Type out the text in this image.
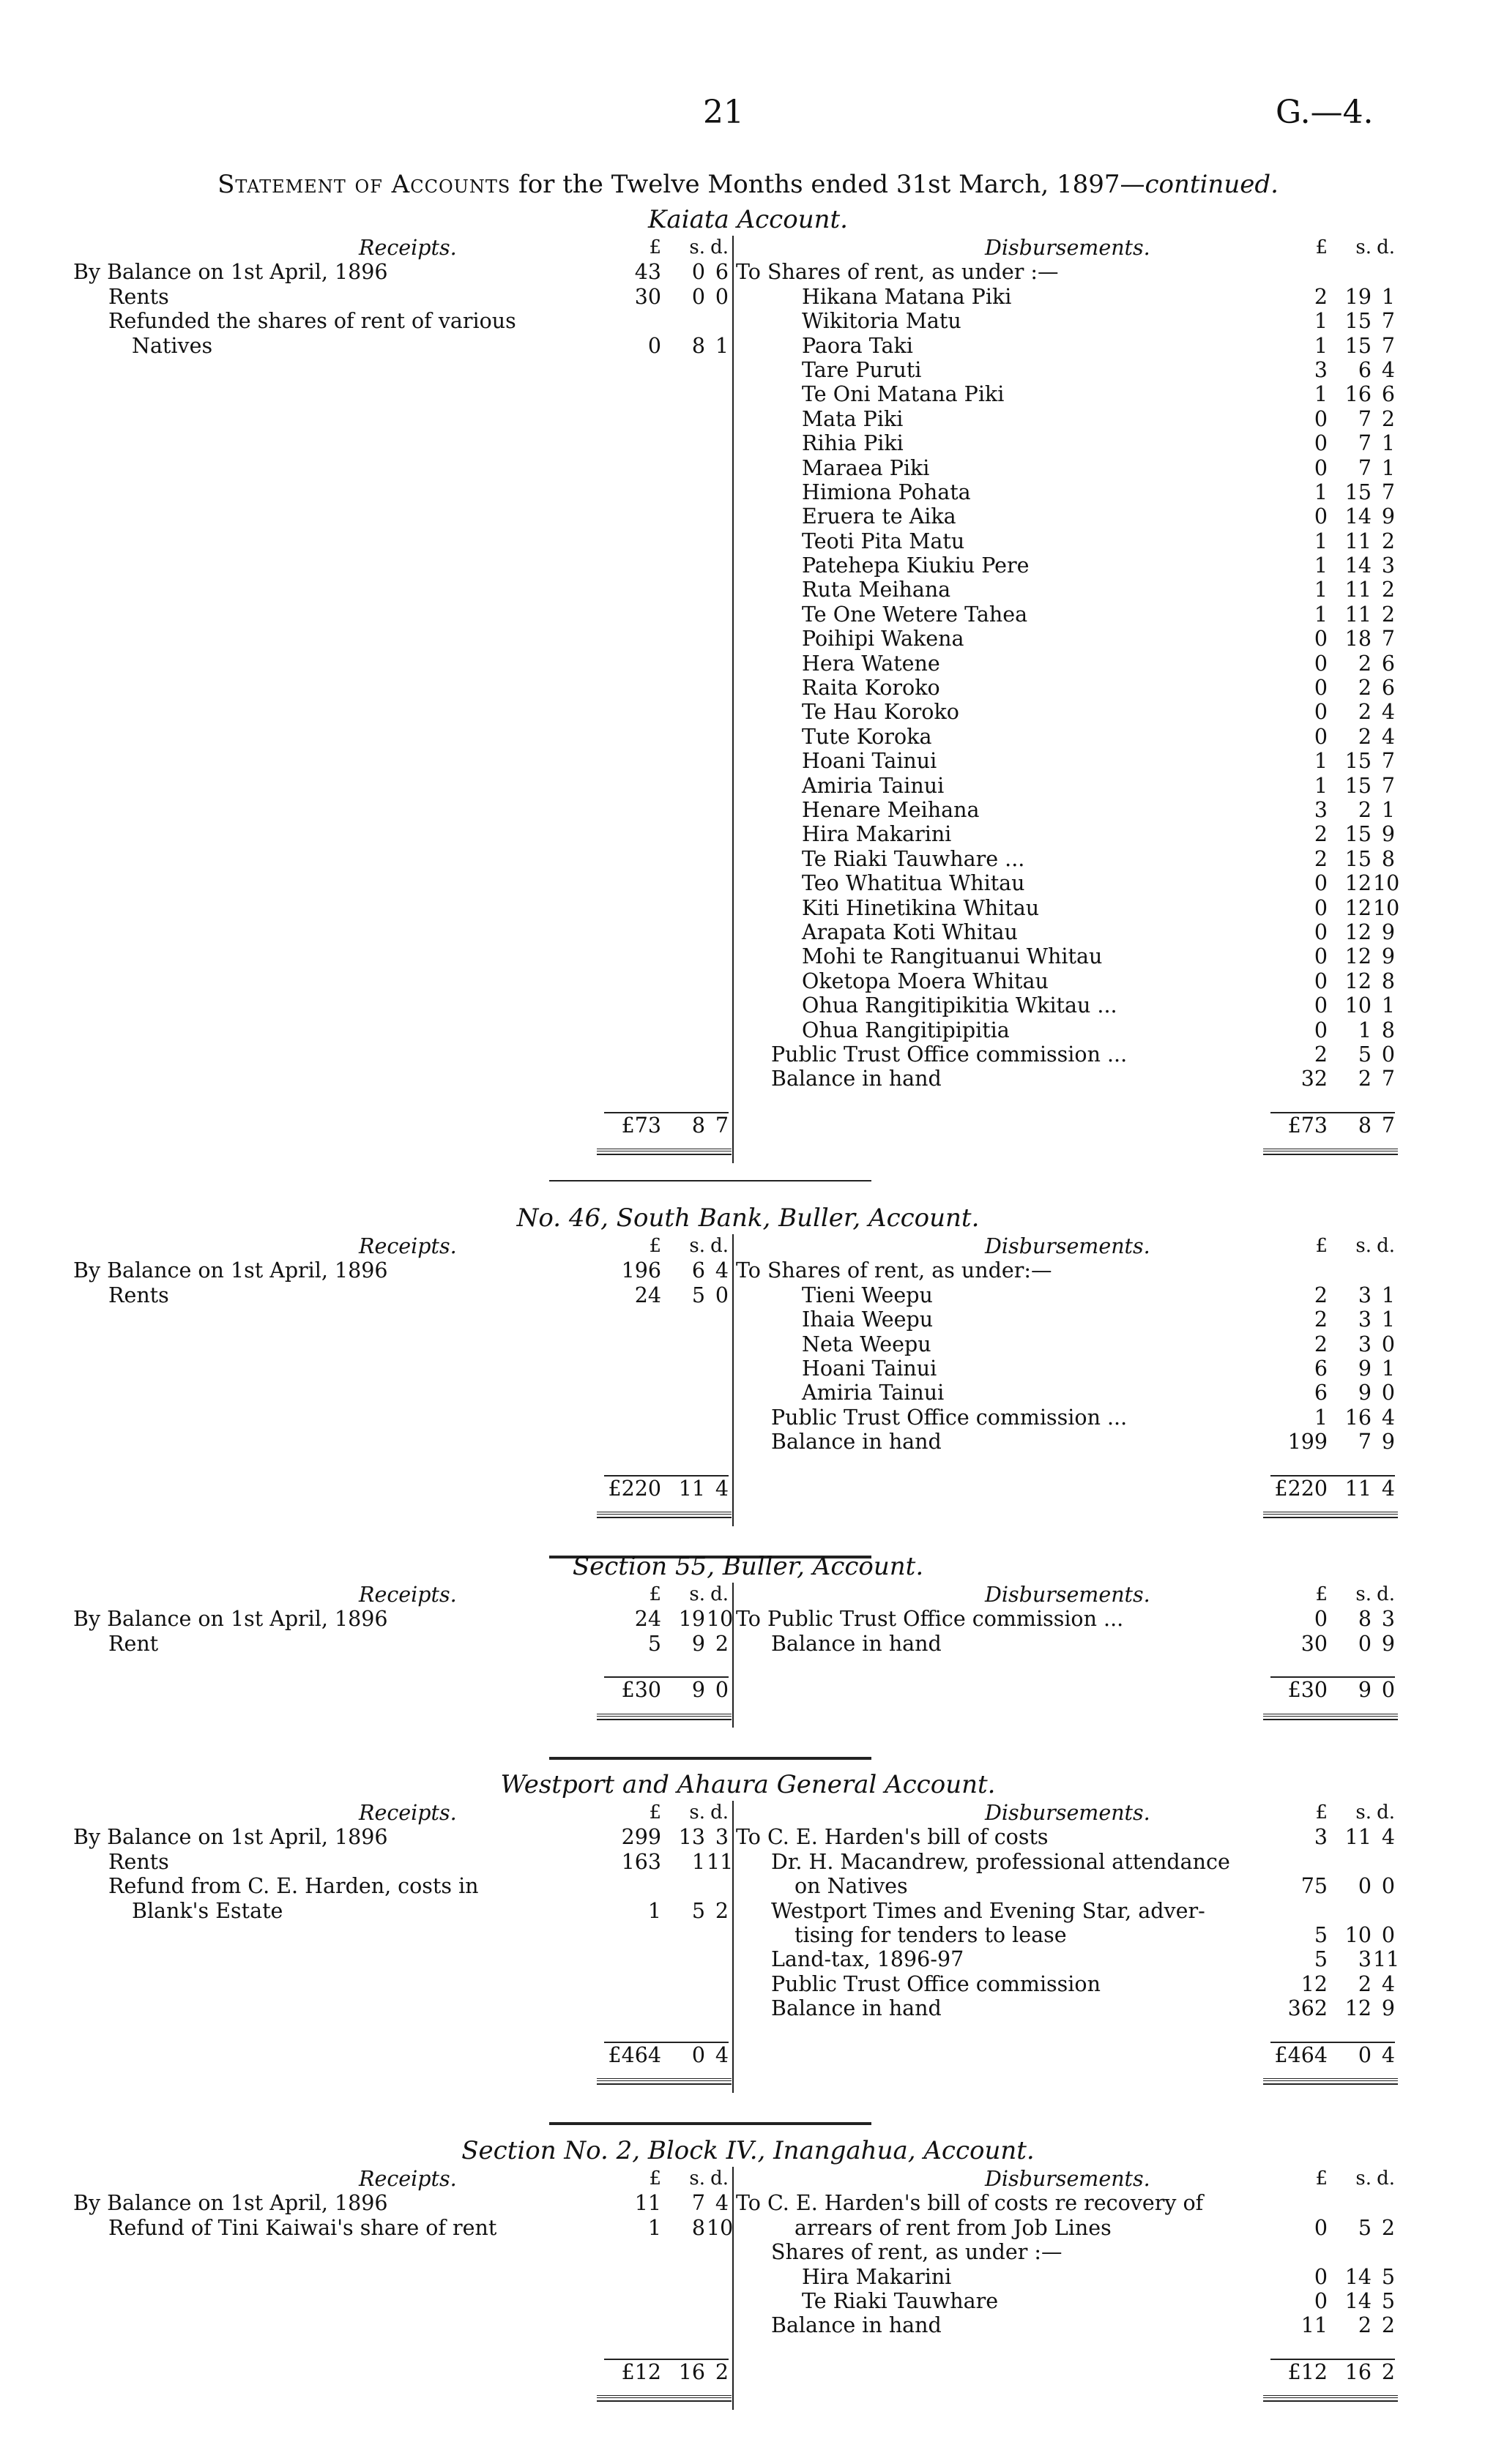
21	G.—4.
Statement of Accounts for the Twelve Months ended 31st March, 1897—continued.
Kaiata Account.
Receipts.	£	s. d.
By Balance on 1st April, 1896	43	0 6
Rents	30	0 0
Refunded the shares of rent of various
Natives	0	8 1
Disbursements.	£	s. d.
To Shares of rent, as under :—
Hikana Matana Piki	2 19 1
Wikitoria Matu	1 15 7
Paora Taki	1 15 7
Tare Puruti	3	6 4
Te Oni Matana Piki	1 16 6
Mata Piki	0	7 2
Rihia Piki	0	7 1
Maraea Piki	0	7 1
Himiona Pohata	1 15 7
Eruera te Aika	0 14 9
Teoti Pita Matu	1 11 2
Patehepa Kiukiu Pere	1 14 3
Ruta Meihana	1 11 2
Te One Wetere Tahea	1 11 2
Poihipi Wakena	0 18 7
Hera Watene	0	2 6
Raita Koroko	0	2 6
Te Hau Koroko	0	2 4
Tute Koroka	0	2 4
Hoani Tainui	1 15 7
Amiria Tainui	1 15 7
Henare Meihana	3	2 1
Hira Makarini	2 15 9
Te Riaki Tauwhare ...	2 15 8
Teo Whatitua Whitau	0 12 10
Kiti Hinetikina Whitau	0 12 10
Arapata Koti Whitau	0 12 9
Mohi te Rangituanui Whitau	0 12 9
Oketopa Moera Whitau	0 12 8
Ohua Rangitipikitia Wkitau ...	0 10 1
Ohua Rangitipipitia	0	1 8
Public Trust Office commission ...	2	5 0
Balance in hand	32	2 7
£73	8 7	£73	8 7
No. 46, South Bank, Buller, Account.
Receipts.	£	s. d.
By Balance on 1st April, 1896	196	6 4
Rents	24	5 0
Disbursements.	£	s. d.
To Shares of rent, as under:—
Tieni Weepu	2	3 1
Ihaia Weepu	2	3 1
Neta Weepu	2	3 0
Hoani Tainui	6	9 1
Amiria Tainui	6	9 0
Public Trust Office commission ...	1 16 4
Balance in hand	199	7 9
£220 11 4	£220 11 4
Section 55, Buller, Account.
Receipts.	£	s. d.
By Balance on 1st April, 1896	24 19 10
Rent	5	9 2
Disbursements.	£	s. d.
To Public Trust Office commission ...	0	8 3
Balance in hand	30	0 9
£30	9 0	£30	9 0
Westport and Ahaura General Account.
Receipts.	£	s. d.
By Balance on 1st April, 1896	299 13 3
Rents	163	1 11
Refund from C. E. Harden, costs in
Blank's Estate	1	5 2
Disbursements.	£	s. d.
To C. E. Harden's bill of costs	3 11 4
Dr. H. Macandrew, professional attendance
on Natives	75	0 0
Westport Times and Evening Star, adver-
tising for tenders to lease	5 10 0
Land-tax, 1896-97	5	3 11
Public Trust Office commission	12	2 4
Balance in hand	362 12 9
£464	0 4	£464	0 4
Section No. 2, Block IV., Inangahua, Account.
Receipts.	£	s. d.
By Balance on 1st April, 1896	11	7 4
Refund of Tini Kaiwai's share of rent	1	8 10
Disbursements.	£	s. d.
To C. E. Harden's bill of costs re recovery of
arrears of rent from Job Lines	0	5 2
Shares of rent, as under :—
Hira Makarini	0 14 5
Te Riaki Tauwhare	0 14 5
Balance in hand	11	2 2
£12 16 2	£12 16 2
